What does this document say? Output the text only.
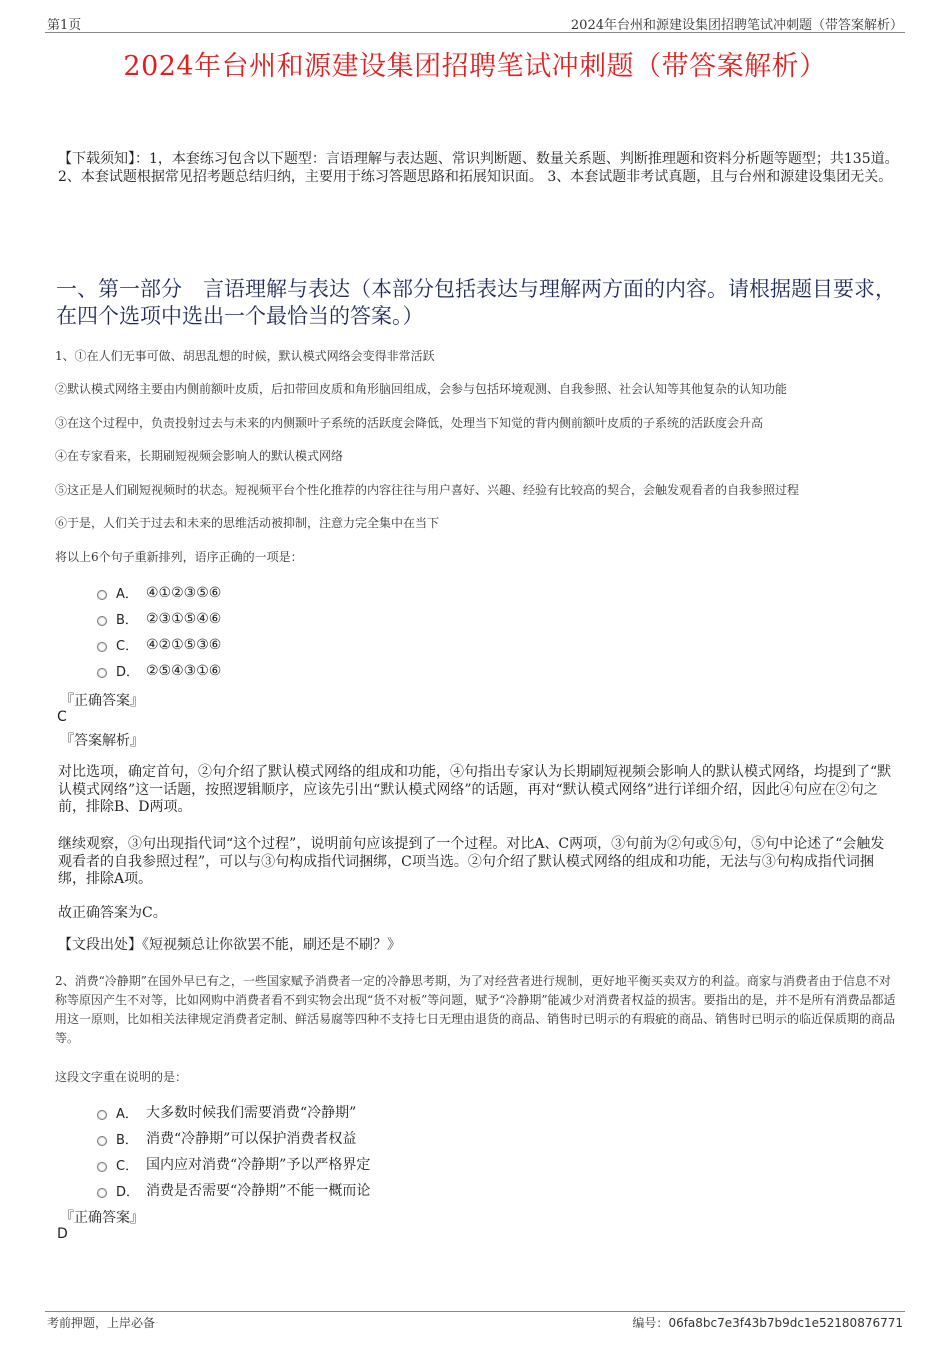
第1页	2024年台州和源建设集团招聘笔试冲刺题（带答案解析）
2024年台州和源建设集团招聘笔试冲刺题（带答案解析）
【下载须知】：1，本套练习包含以下题型：言语理解与表达题、常识判断题、数量关系题、判断推理题和资料分析题等题型；共135道。 2、本套试题根据常见招考题总结归纳，主要用于练习答题思路和拓展知识面。 3、本套试题非考试真题，且与台州和源建设集团无关。
一、第一部分　言语理解与表达（本部分包括表达与理解两方面的内容。请根据题目要求，在四个选项中选出一个最恰当的答案。）
1、①在人们无事可做、胡思乱想的时候，默认模式网络会变得非常活跃
②默认模式网络主要由内侧前额叶皮质，后扣带回皮质和角形脑回组成，会参与包括环境观测、自我参照、社会认知等其他复杂的认知功能
③在这个过程中，负责投射过去与未来的内侧颞叶子系统的活跃度会降低，处理当下知觉的背内侧前额叶皮质的子系统的活跃度会升高
④在专家看来，长期刷短视频会影响人的默认模式网络
⑤这正是人们刷短视频时的状态。短视频平台个性化推荐的内容往往与用户喜好、兴趣、经验有比较高的契合，会触发观看者的自我参照过程
⑥于是，人们关于过去和未来的思维活动被抑制，注意力完全集中在当下
将以上6个句子重新排列，语序正确的一项是：
A． ④①②③⑤⑥
B． ②③①⑤④⑥
C． ④②①⑤③⑥
D． ②⑤④③①⑥
『正确答案』
C
『答案解析』
对比选项，确定首句，②句介绍了默认模式网络的组成和功能，④句指出专家认为长期刷短视频会影响人的默认模式网络，均提到了“默认模式网络”这一话题，按照逻辑顺序，应该先引出“默认模式网络”的话题，再对“默认模式网络”进行详细介绍，因此④句应在②句之前，排除B、D两项。
继续观察，③句出现指代词“这个过程”，说明前句应该提到了一个过程。对比A、C两项，③句前为②句或⑤句，⑤句中论述了“会触发观看者的自我参照过程”，可以与③句构成指代词捆绑，C项当选。②句介绍了默认模式网络的组成和功能，无法与③句构成指代词捆绑，排除A项。
故正确答案为C。
【文段出处】《短视频总让你欲罢不能，刷还是不刷？》
2、消费“冷静期”在国外早已有之，一些国家赋予消费者一定的冷静思考期，为了对经营者进行规制，更好地平衡买卖双方的利益。商家与消费者由于信息不对称等原因产生不对等，比如网购中消费者看不到实物会出现“货不对板”等问题，赋予“冷静期”能减少对消费者权益的损害。要指出的是，并不是所有消费品都适用这一原则，比如相关法律规定消费者定制、鲜活易腐等四种不支持七日无理由退货的商品、销售时已明示的有瑕疵的商品、销售时已明示的临近保质期的商品等。
这段文字重在说明的是：
A． 大多数时候我们需要消费“冷静期”
B． 消费“冷静期”可以保护消费者权益
C． 国内应对消费“冷静期”予以严格界定
D． 消费是否需要“冷静期”不能一概而论
『正确答案』
D
考前押题，上岸必备	编号：06fa8bc7e3f43b7b9dc1e52180876771
